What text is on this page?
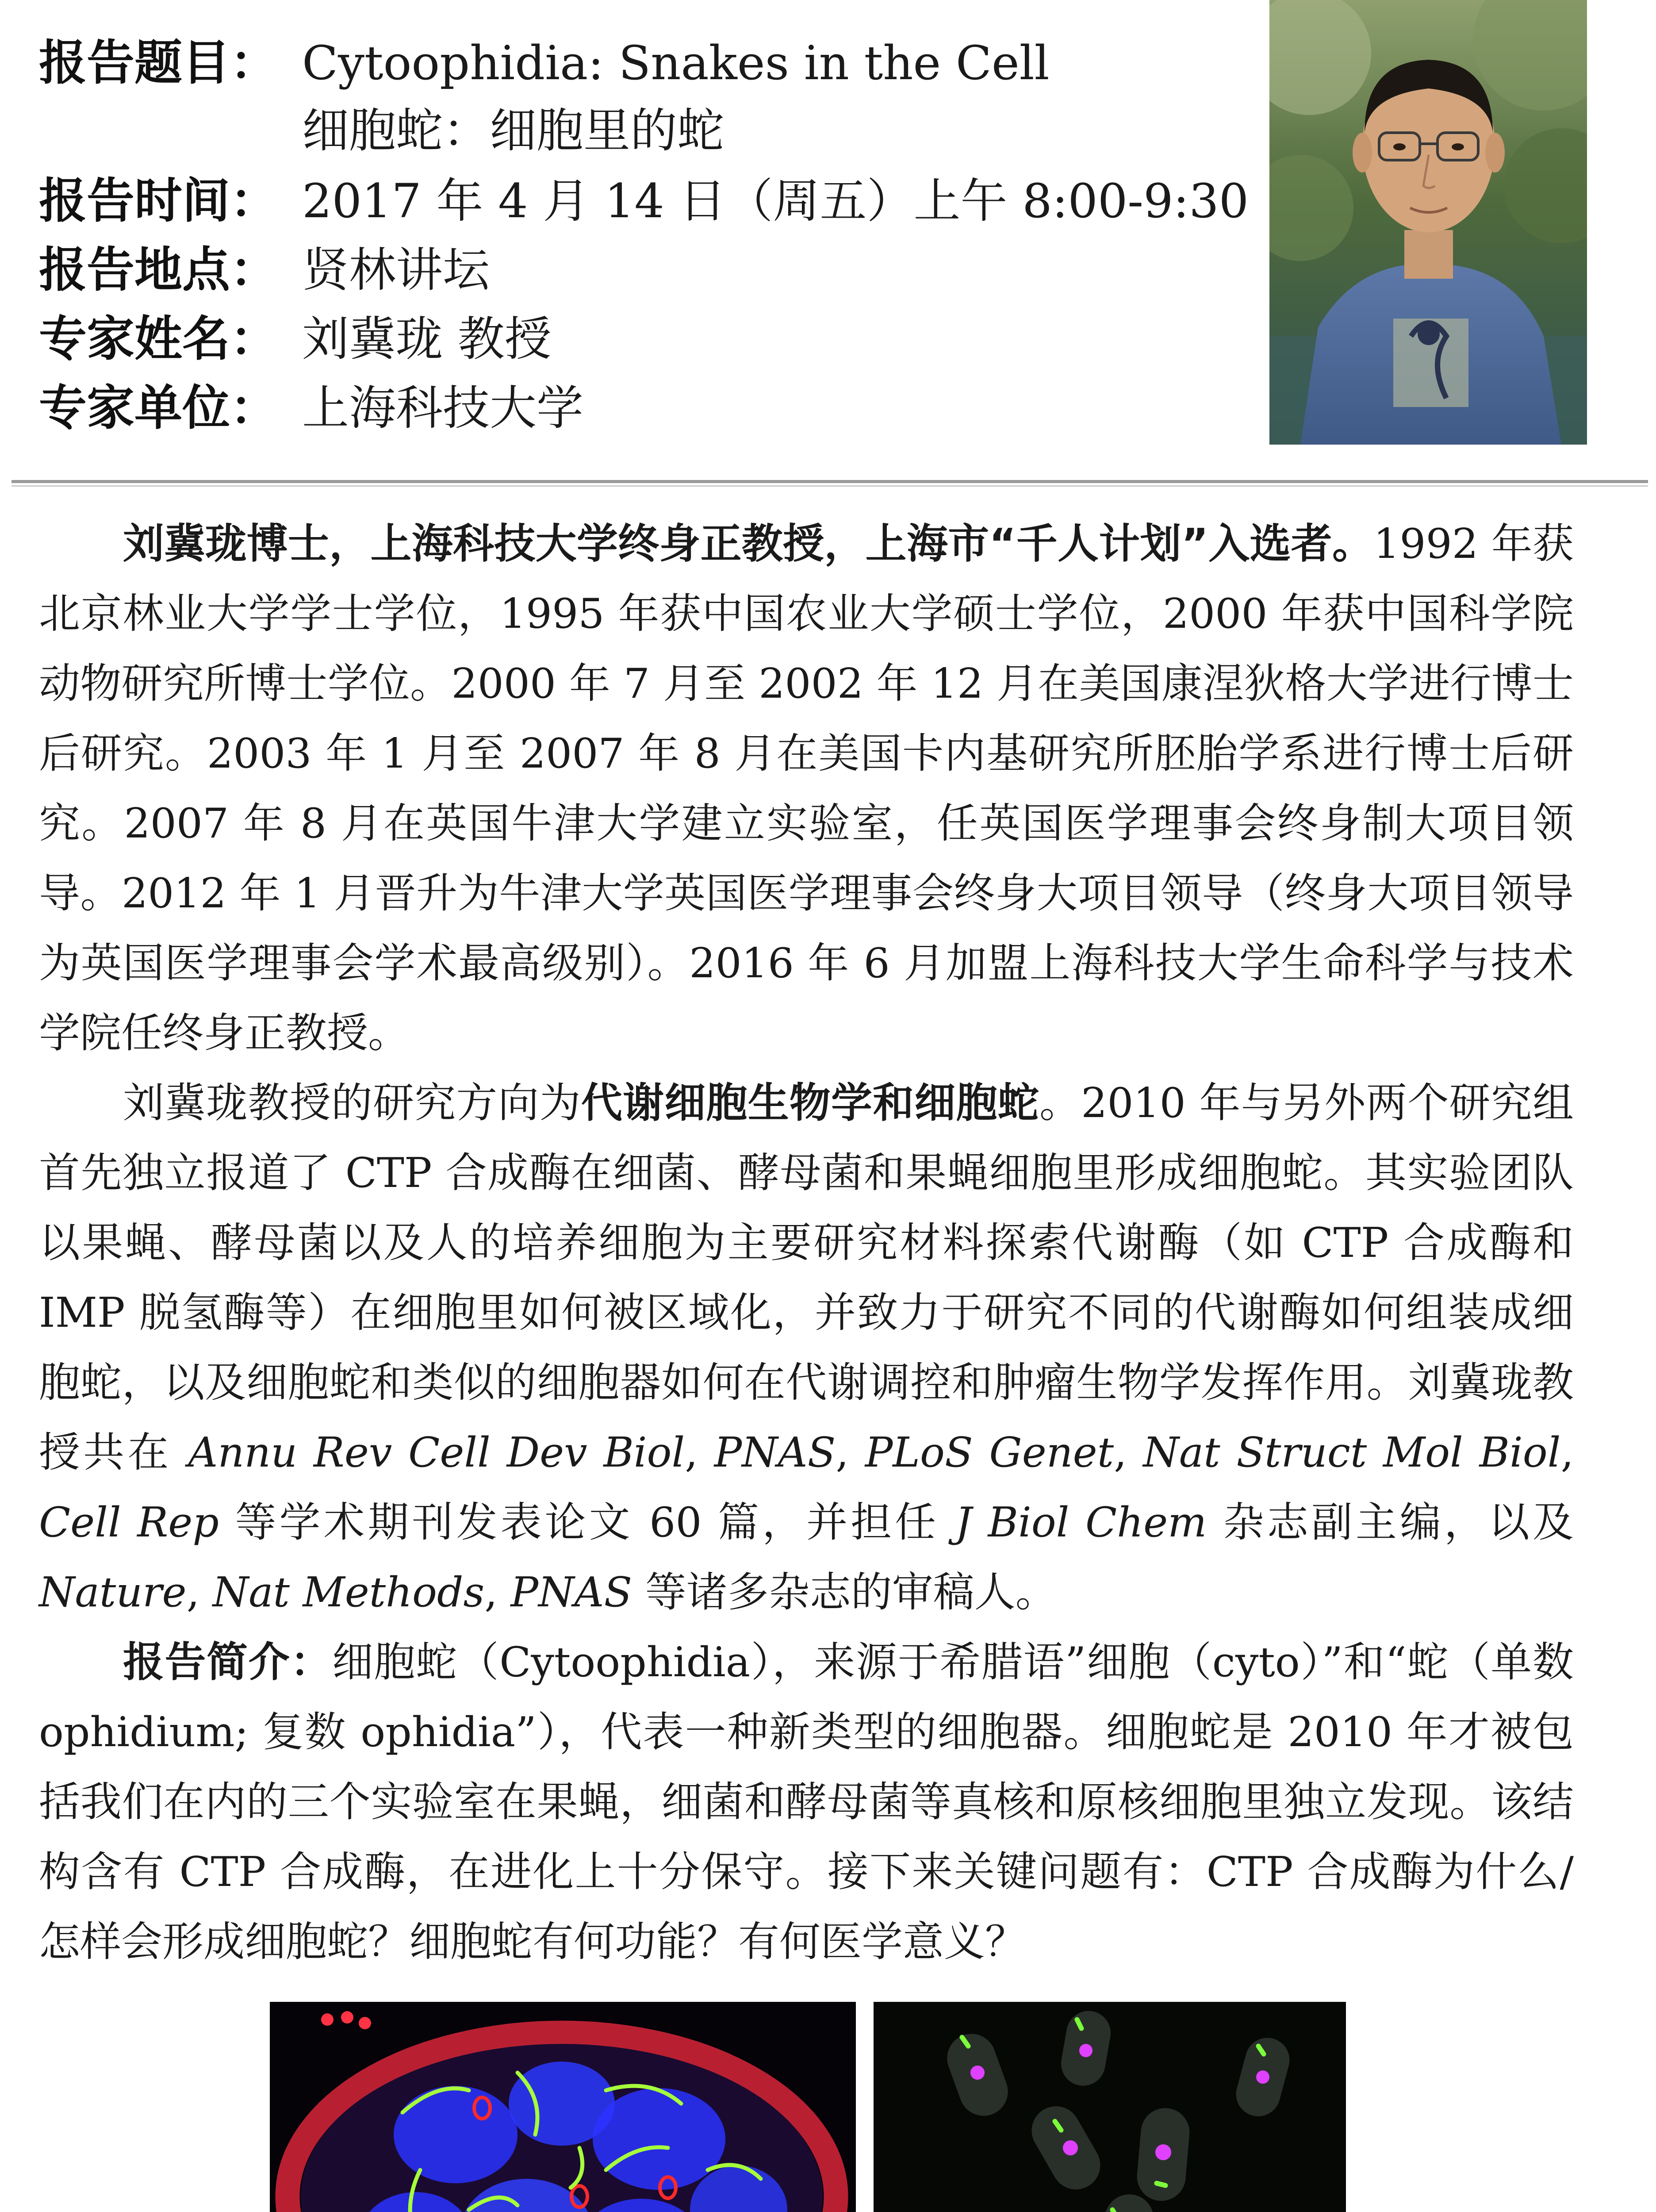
报告题目： Cytoophidia: Snakes in the Cell
细胞蛇：细胞里的蛇
报告时间： 2017 年 4 月 14 日（周五）上午 8:00-9:30
报告地点： 贤林讲坛
专家姓名： 刘冀珑 教授
专家单位： 上海科技大学

刘冀珑博士，上海科技大学终身正教授，上海市“千人计划”入选者。1992 年获北京林业大学学士学位，1995 年获中国农业大学硕士学位，2000 年获中国科学院动物研究所博士学位。2000 年 7 月至 2002 年 12 月在美国康涅狄格大学进行博士后研究。2003 年 1 月至 2007 年 8 月在美国卡内基研究所胚胎学系进行博士后研究。2007 年 8 月在英国牛津大学建立实验室，任英国医学理事会终身制大项目领导。2012 年 1 月晋升为牛津大学英国医学理事会终身大项目领导（终身大项目领导为英国医学理事会学术最高级别）。2016 年 6 月加盟上海科技大学生命科学与技术学院任终身正教授。

刘冀珑教授的研究方向为代谢细胞生物学和细胞蛇。2010 年与另外两个研究组首先独立报道了 CTP 合成酶在细菌、酵母菌和果蝇细胞里形成细胞蛇。其实验团队以果蝇、酵母菌以及人的培养细胞为主要研究材料探索代谢酶（如 CTP 合成酶和 IMP 脱氢酶等）在细胞里如何被区域化，并致力于研究不同的代谢酶如何组装成细胞蛇，以及细胞蛇和类似的细胞器如何在代谢调控和肿瘤生物学发挥作用。刘冀珑教授共在 Annu Rev Cell Dev Biol, PNAS, PLoS Genet, Nat Struct Mol Biol, Cell Rep 等学术期刊发表论文 60 篇，并担任 J Biol Chem 杂志副主编，以及 Nature, Nat Methods, PNAS 等诸多杂志的审稿人。

报告简介：细胞蛇（Cytoophidia），来源于希腊语”细胞（cyto）”和“蛇（单数 ophidium; 复数 ophidia”），代表一种新类型的细胞器。细胞蛇是 2010 年才被包括我们在内的三个实验室在果蝇，细菌和酵母菌等真核和原核细胞里独立发现。该结构含有 CTP 合成酶，在进化上十分保守。接下来关键问题有：CTP 合成酶为什么/怎样会形成细胞蛇？细胞蛇有何功能？有何医学意义？
